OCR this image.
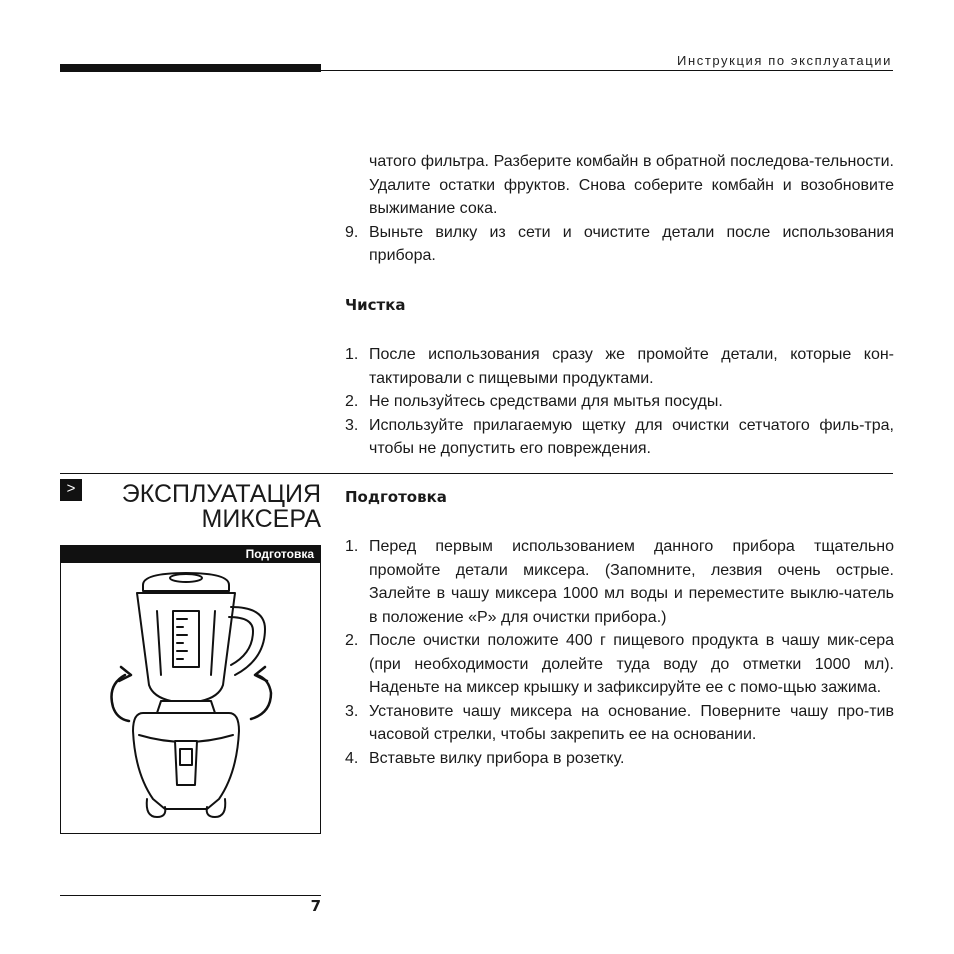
Инструкция по эксплуатации

чатого фильтра. Разберите комбайн в обратной последова-тельности. Удалите остатки фруктов. Снова соберите комбайн и возобновите выжимание сока.

9. Выньте вилку из сети и очистите детали после использования прибора.
Чистка
1. После использования сразу же промойте детали, которые кон-тактировали с пищевыми продуктами.
2. Не пользуйтесь средствами для мытья посуды.
3. Используйте прилагаемую щетку для очистки сетчатого филь-тра, чтобы не допустить его повреждения.
>	ЭКСПЛУАТАЦИЯ
МИКСЕРА
Подготовка
Подготовка
1. Перед первым использованием данного прибора тщательно промойте детали миксера. (Запомните, лезвия очень острые. Залейте в чашу миксера 1000 мл воды и переместите выклю-чатель в положение «P» для очистки прибора.)
2. После очистки положите 400 г пищевого продукта в чашу мик-сера (при необходимости долейте туда воду до отметки 1000 мл). Наденьте на миксер крышку и зафиксируйте ее с помо-щью зажима.
3. Установите чашу миксера на основание. Поверните чашу про-тив часовой стрелки, чтобы закрепить ее на основании.
4. Вставьте вилку прибора в розетку.
7
